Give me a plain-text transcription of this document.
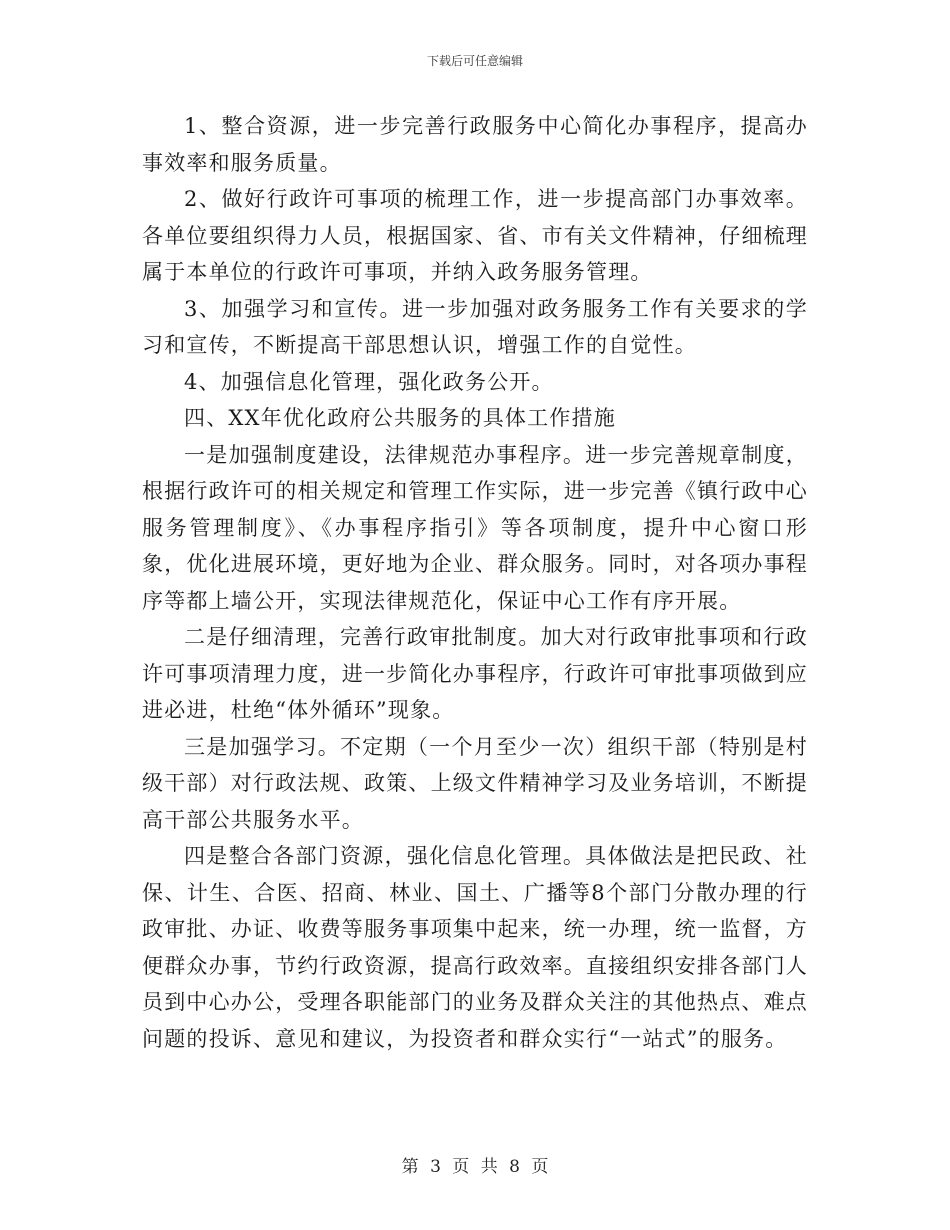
下载后可任意编辑

1、整合资源，进一步完善行政服务中心简化办事程序，提高办事效率和服务质量。

2、做好行政许可事项的梳理工作，进一步提高部门办事效率。各单位要组织得力人员，根据国家、省、市有关文件精神，仔细梳理属于本单位的行政许可事项，并纳入政务服务管理。

3、加强学习和宣传。进一步加强对政务服务工作有关要求的学习和宣传，不断提高干部思想认识，增强工作的自觉性。

4、加强信息化管理，强化政务公开。

四、XX年优化政府公共服务的具体工作措施

一是加强制度建设，法律规范办事程序。进一步完善规章制度，根据行政许可的相关规定和管理工作实际，进一步完善《镇行政中心服务管理制度》、《办事程序指引》等各项制度，提升中心窗口形象，优化进展环境，更好地为企业、群众服务。同时，对各项办事程序等都上墙公开，实现法律规范化，保证中心工作有序开展。

二是仔细清理，完善行政审批制度。加大对行政审批事项和行政许可事项清理力度，进一步简化办事程序，行政许可审批事项做到应进必进，杜绝“体外循环”现象。

三是加强学习。不定期（一个月至少一次）组织干部（特别是村级干部）对行政法规、政策、上级文件精神学习及业务培训，不断提高干部公共服务水平。

四是整合各部门资源，强化信息化管理。具体做法是把民政、社保、计生、合医、招商、林业、国土、广播等8个部门分散办理的行政审批、办证、收费等服务事项集中起来，统一办理，统一监督，方便群众办事，节约行政资源，提高行政效率。直接组织安排各部门人员到中心办公，受理各职能部门的业务及群众关注的其他热点、难点问题的投诉、意见和建议，为投资者和群众实行“一站式”的服务。

第 3 页 共 8 页
